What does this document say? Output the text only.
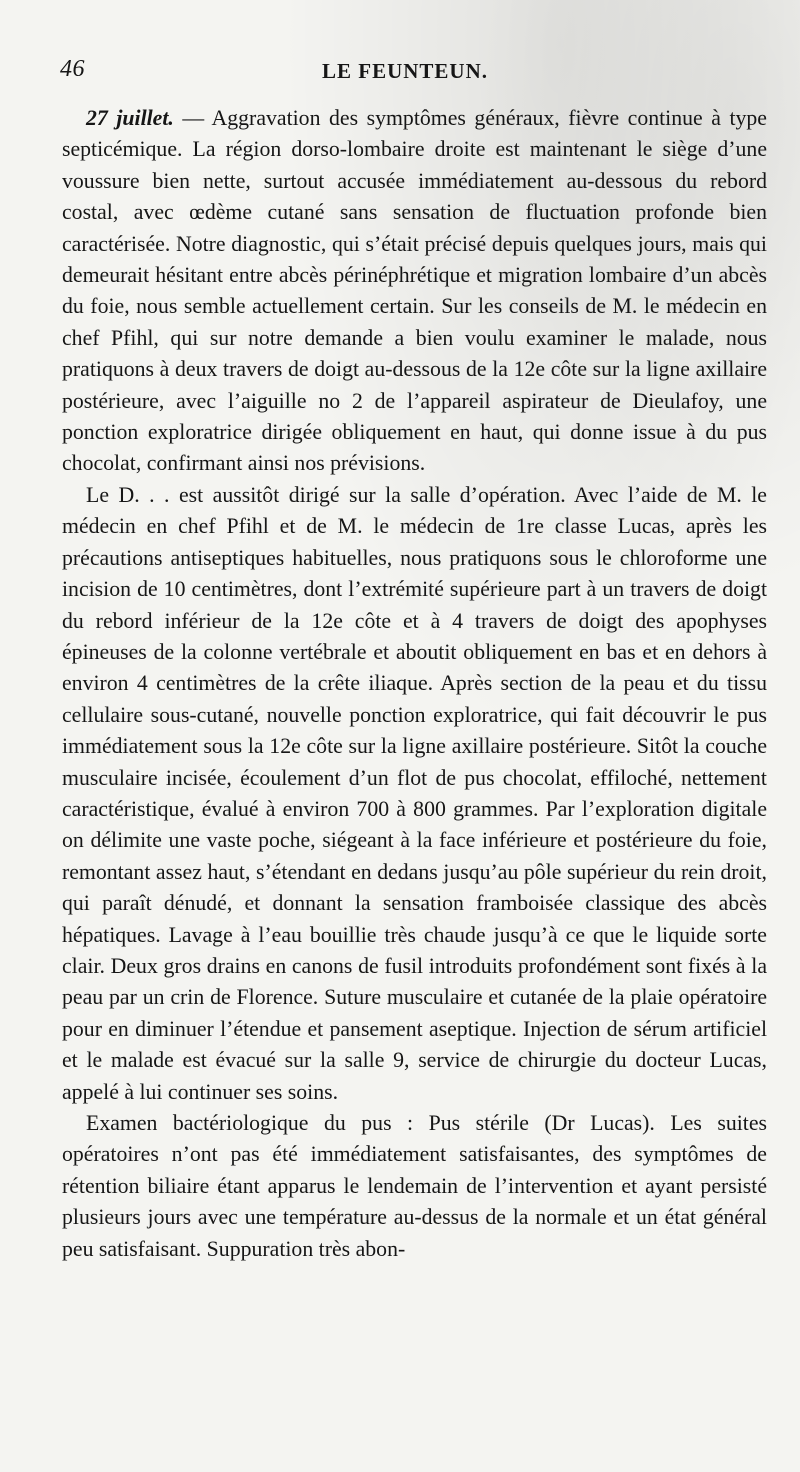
46	LE FEUNTEUN.

27 juillet. — Aggravation des symptômes généraux, fièvre continue à type septicémique. La région dorso-lombaire droite est maintenant le siège d’une voussure bien nette, surtout accusée immédiatement au-dessous du rebord costal, avec œdème cutané sans sensation de fluctuation profonde bien caractérisée. Notre diagnostic, qui s’était précisé depuis quelques jours, mais qui demeurait hésitant entre abcès périnéphrétique et migration lombaire d’un abcès du foie, nous semble actuellement certain. Sur les conseils de M. le médecin en chef Pfihl, qui sur notre demande a bien voulu examiner le malade, nous pratiquons à deux travers de doigt au-dessous de la 12e côte sur la ligne axillaire postérieure, avec l’aiguille no 2 de l’appareil aspirateur de Dieulafoy, une ponction exploratrice dirigée obliquement en haut, qui donne issue à du pus chocolat, confirmant ainsi nos prévisions.

Le D. . . est aussitôt dirigé sur la salle d’opération. Avec l’aide de M. le médecin en chef Pfihl et de M. le médecin de 1re classe Lucas, après les précautions antiseptiques habituelles, nous pratiquons sous le chloroforme une incision de 10 centimètres, dont l’extrémité supérieure part à un travers de doigt du rebord inférieur de la 12e côte et à 4 travers de doigt des apophyses épineuses de la colonne vertébrale et aboutit obliquement en bas et en dehors à environ 4 centimètres de la crête iliaque. Après section de la peau et du tissu cellulaire sous-cutané, nouvelle ponction exploratrice, qui fait découvrir le pus immédiatement sous la 12e côte sur la ligne axillaire postérieure. Sitôt la couche musculaire incisée, écoulement d’un flot de pus chocolat, effiloché, nettement caractéristique, évalué à environ 700 à 800 grammes. Par l’exploration digitale on délimite une vaste poche, siégeant à la face inférieure et postérieure du foie, remontant assez haut, s’étendant en dedans jusqu’au pôle supérieur du rein droit, qui paraît dénudé, et donnant la sensation framboisée classique des abcès hépatiques. Lavage à l’eau bouillie très chaude jusqu’à ce que le liquide sorte clair. Deux gros drains en canons de fusil introduits profondément sont fixés à la peau par un crin de Florence. Suture musculaire et cutanée de la plaie opératoire pour en diminuer l’étendue et pansement aseptique. Injection de sérum artificiel et le malade est évacué sur la salle 9, service de chirurgie du docteur Lucas, appelé à lui continuer ses soins.

Examen bactériologique du pus : Pus stérile (Dr Lucas). Les suites opératoires n’ont pas été immédiatement satisfaisantes, des symptômes de rétention biliaire étant apparus le lendemain de l’intervention et ayant persisté plusieurs jours avec une température au-dessus de la normale et un état général peu satisfaisant. Suppuration très abon-
